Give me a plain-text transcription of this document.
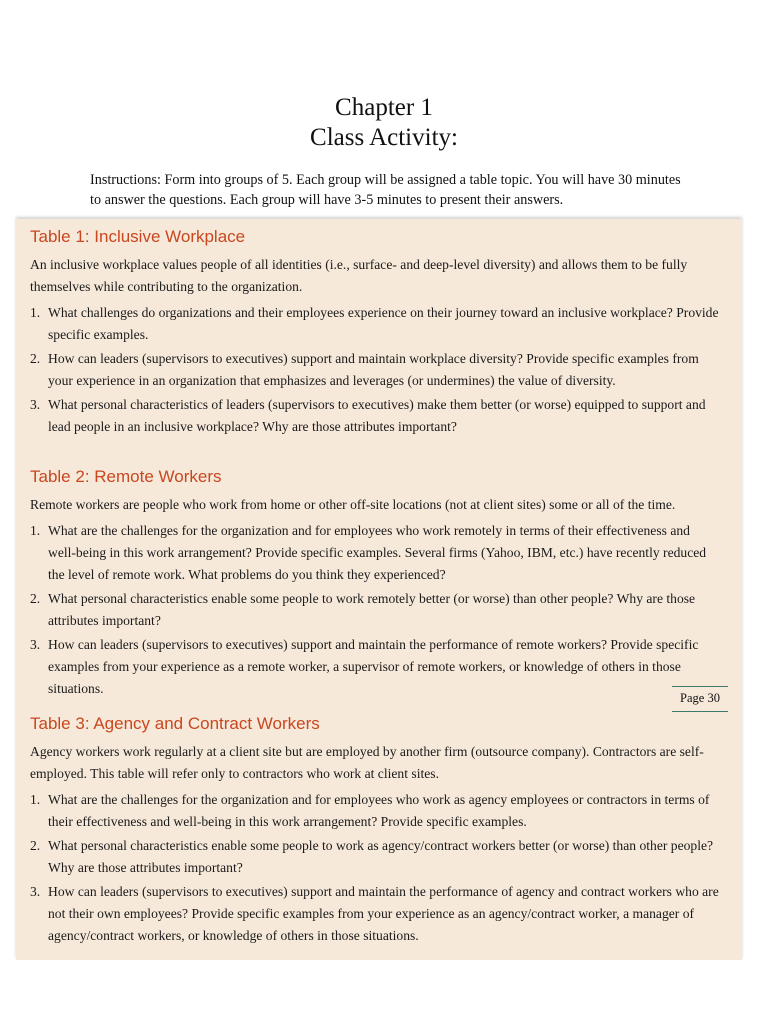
Chapter 1
Class Activity:
Instructions: Form into groups of 5. Each group will be assigned a table topic. You will have 30 minutes to answer the questions. Each group will have 3-5 minutes to present their answers.
Table 1: Inclusive Workplace

An inclusive workplace values people of all identities (i.e., surface- and deep-level diversity) and allows them to be fully themselves while contributing to the organization.

1. What challenges do organizations and their employees experience on their journey toward an inclusive workplace? Provide specific examples.
2. How can leaders (supervisors to executives) support and maintain workplace diversity? Provide specific examples from your experience in an organization that emphasizes and leverages (or undermines) the value of diversity.
3. What personal characteristics of leaders (supervisors to executives) make them better (or worse) equipped to support and lead people in an inclusive workplace? Why are those attributes important?
Table 2: Remote Workers

Remote workers are people who work from home or other off-site locations (not at client sites) some or all of the time.

1. What are the challenges for the organization and for employees who work remotely in terms of their effectiveness and well-being in this work arrangement? Provide specific examples. Several firms (Yahoo, IBM, etc.) have recently reduced the level of remote work. What problems do you think they experienced?
2. What personal characteristics enable some people to work remotely better (or worse) than other people? Why are those attributes important?
3. How can leaders (supervisors to executives) support and maintain the performance of remote workers? Provide specific examples from your experience as a remote worker, a supervisor of remote workers, or knowledge of others in those situations.
Page 30
Table 3: Agency and Contract Workers

Agency workers work regularly at a client site but are employed by another firm (outsource company). Contractors are self-employed. This table will refer only to contractors who work at client sites.

1. What are the challenges for the organization and for employees who work as agency employees or contractors in terms of their effectiveness and well-being in this work arrangement? Provide specific examples.
2. What personal characteristics enable some people to work as agency/contract workers better (or worse) than other people? Why are those attributes important?
3. How can leaders (supervisors to executives) support and maintain the performance of agency and contract workers who are not their own employees? Provide specific examples from your experience as an agency/contract worker, a manager of agency/contract workers, or knowledge of others in those situations.
